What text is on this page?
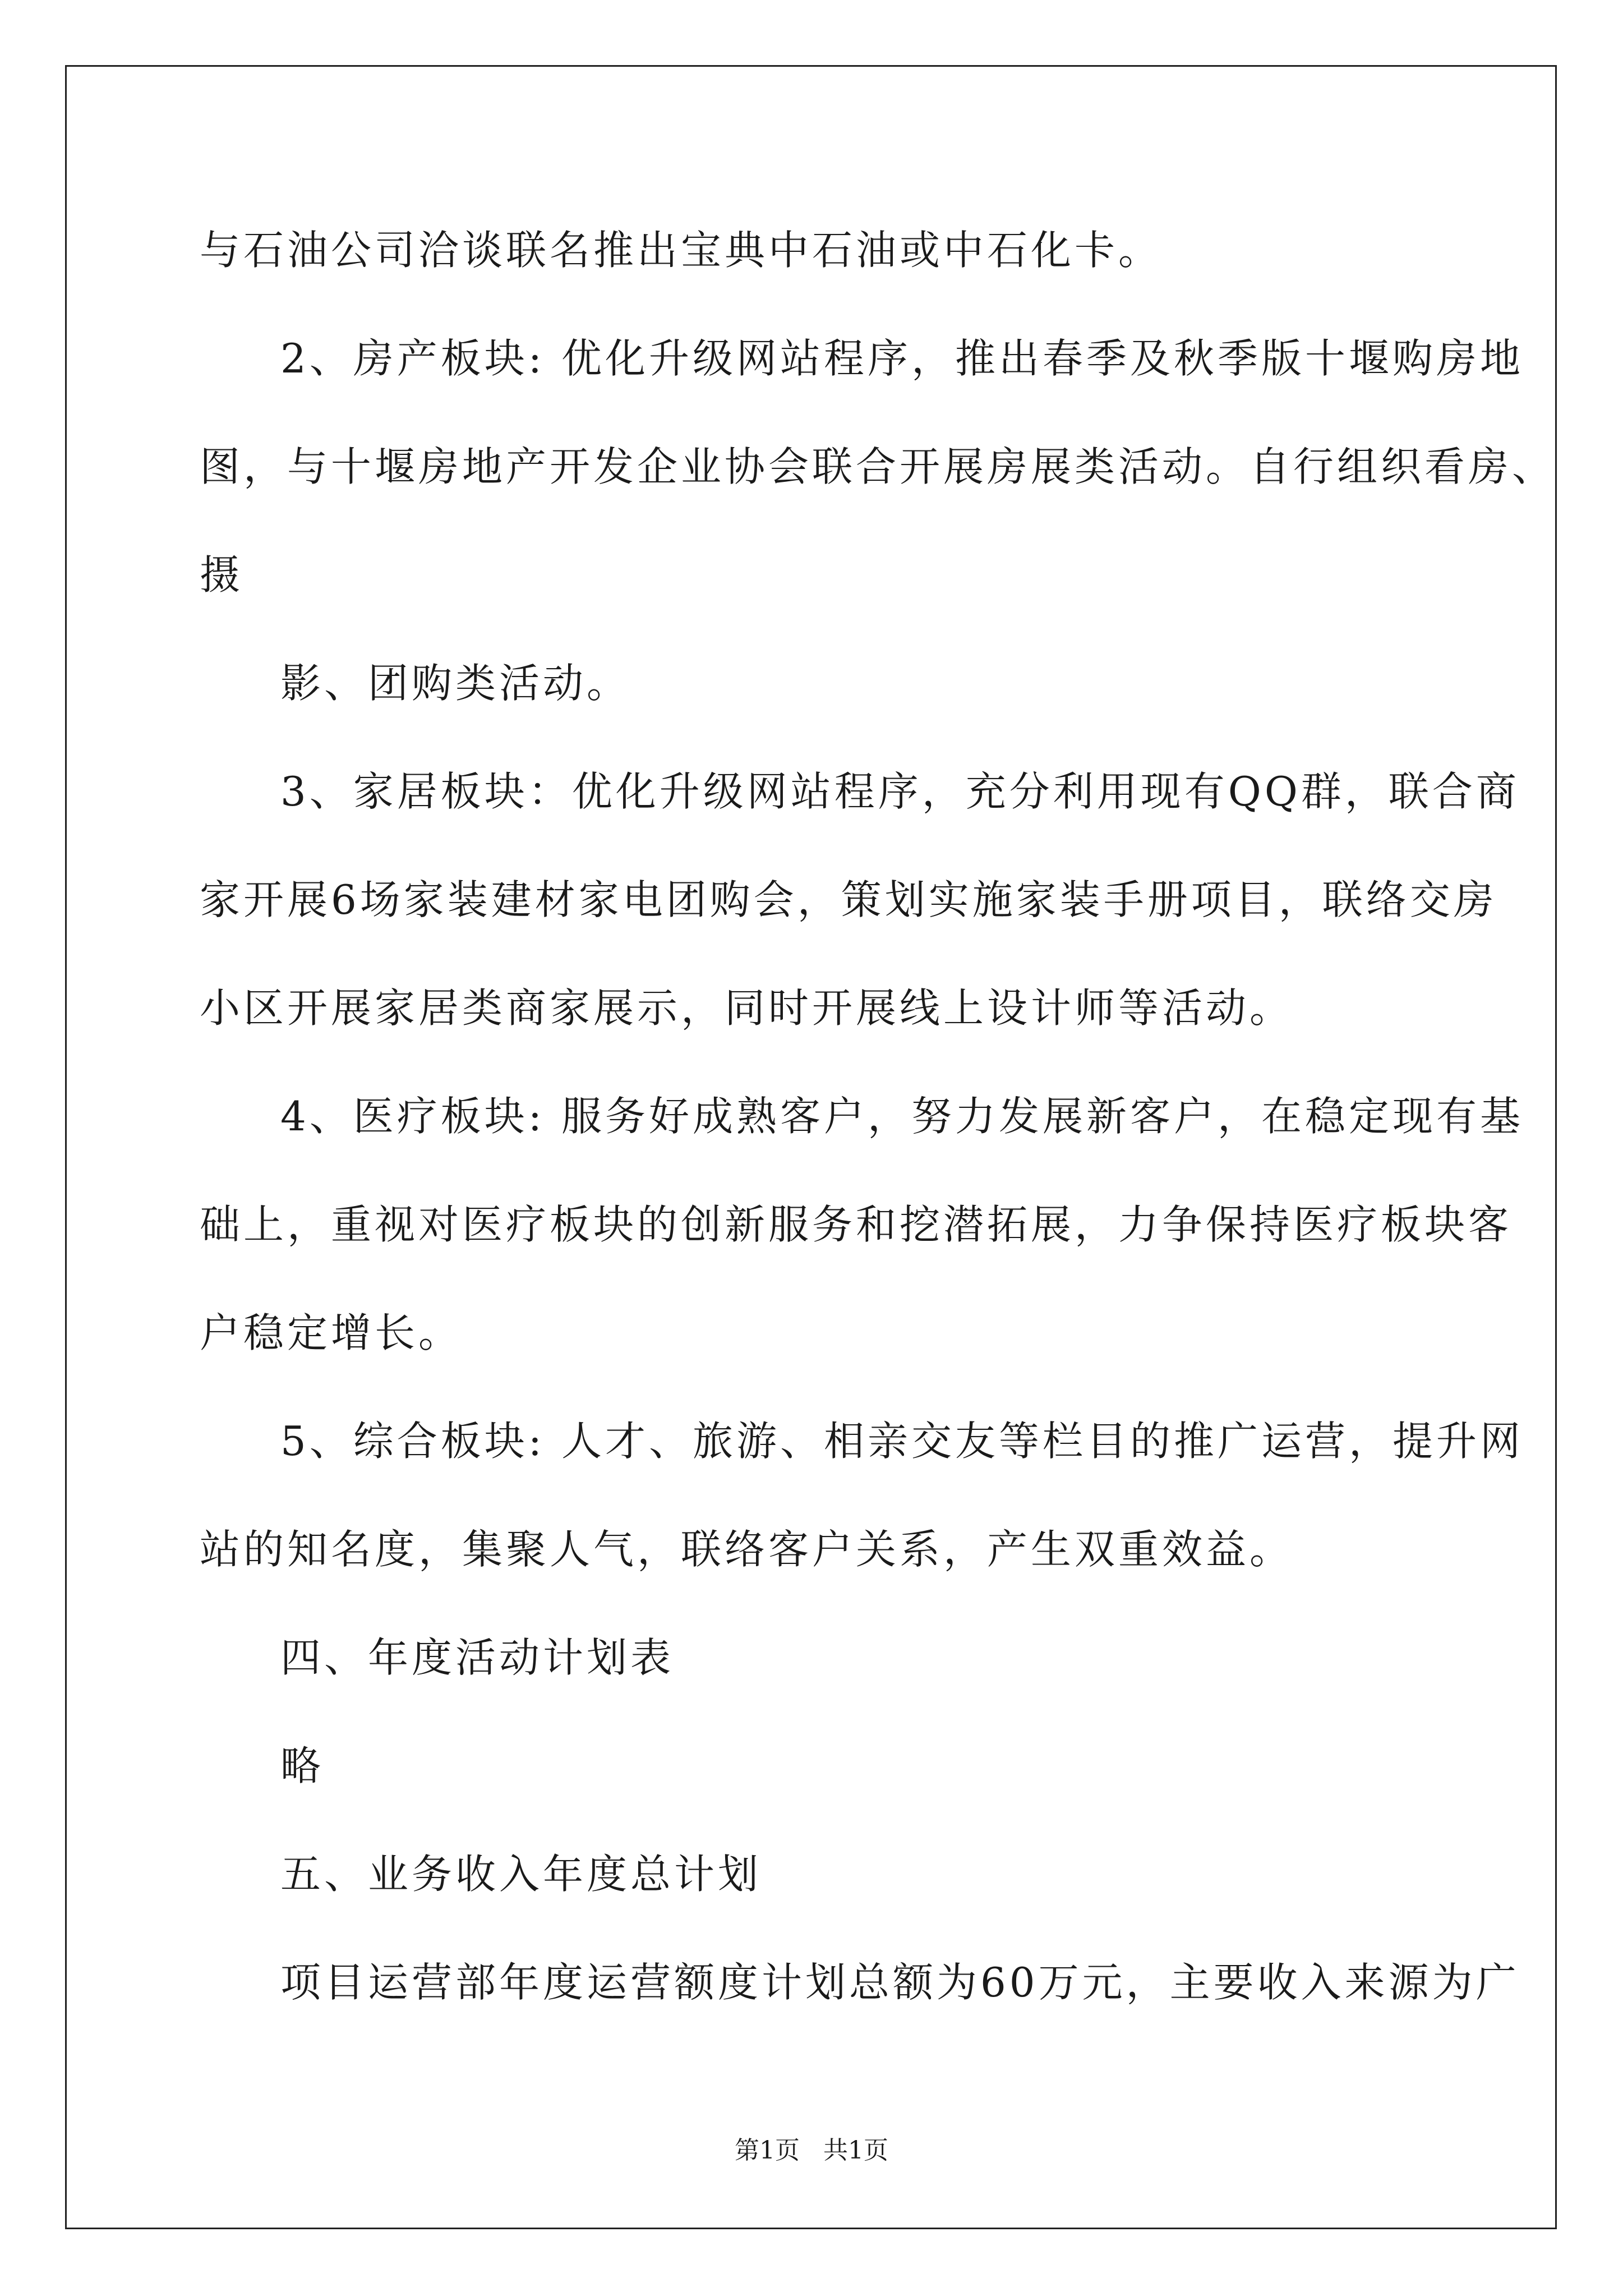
与石油公司洽谈联名推出宝典中石油或中石化卡。

2、房产板块: 优化升级网站程序，推出春季及秋季版十堰购房地

图，与十堰房地产开发企业协会联合开展房展类活动。自行组织看房、

摄

影、团购类活动。

3、家居板块：优化升级网站程序，充分利用现有QQ群，联合商

家开展6场家装建材家电团购会，策划实施家装手册项目，联络交房

小区开展家居类商家展示，同时开展线上设计师等活动。

4、医疗板块: 服务好成熟客户，努力发展新客户，在稳定现有基

础上，重视对医疗板块的创新服务和挖潜拓展，力争保持医疗板块客

户稳定增长。

5、综合板块: 人才、旅游、相亲交友等栏目的推广运营，提升网

站的知名度，集聚人气，联络客户关系，产生双重效益。

四、年度活动计划表

略

五、业务收入年度总计划

项目运营部年度运营额度计划总额为60万元，主要收入来源为广

第1页   共1页
